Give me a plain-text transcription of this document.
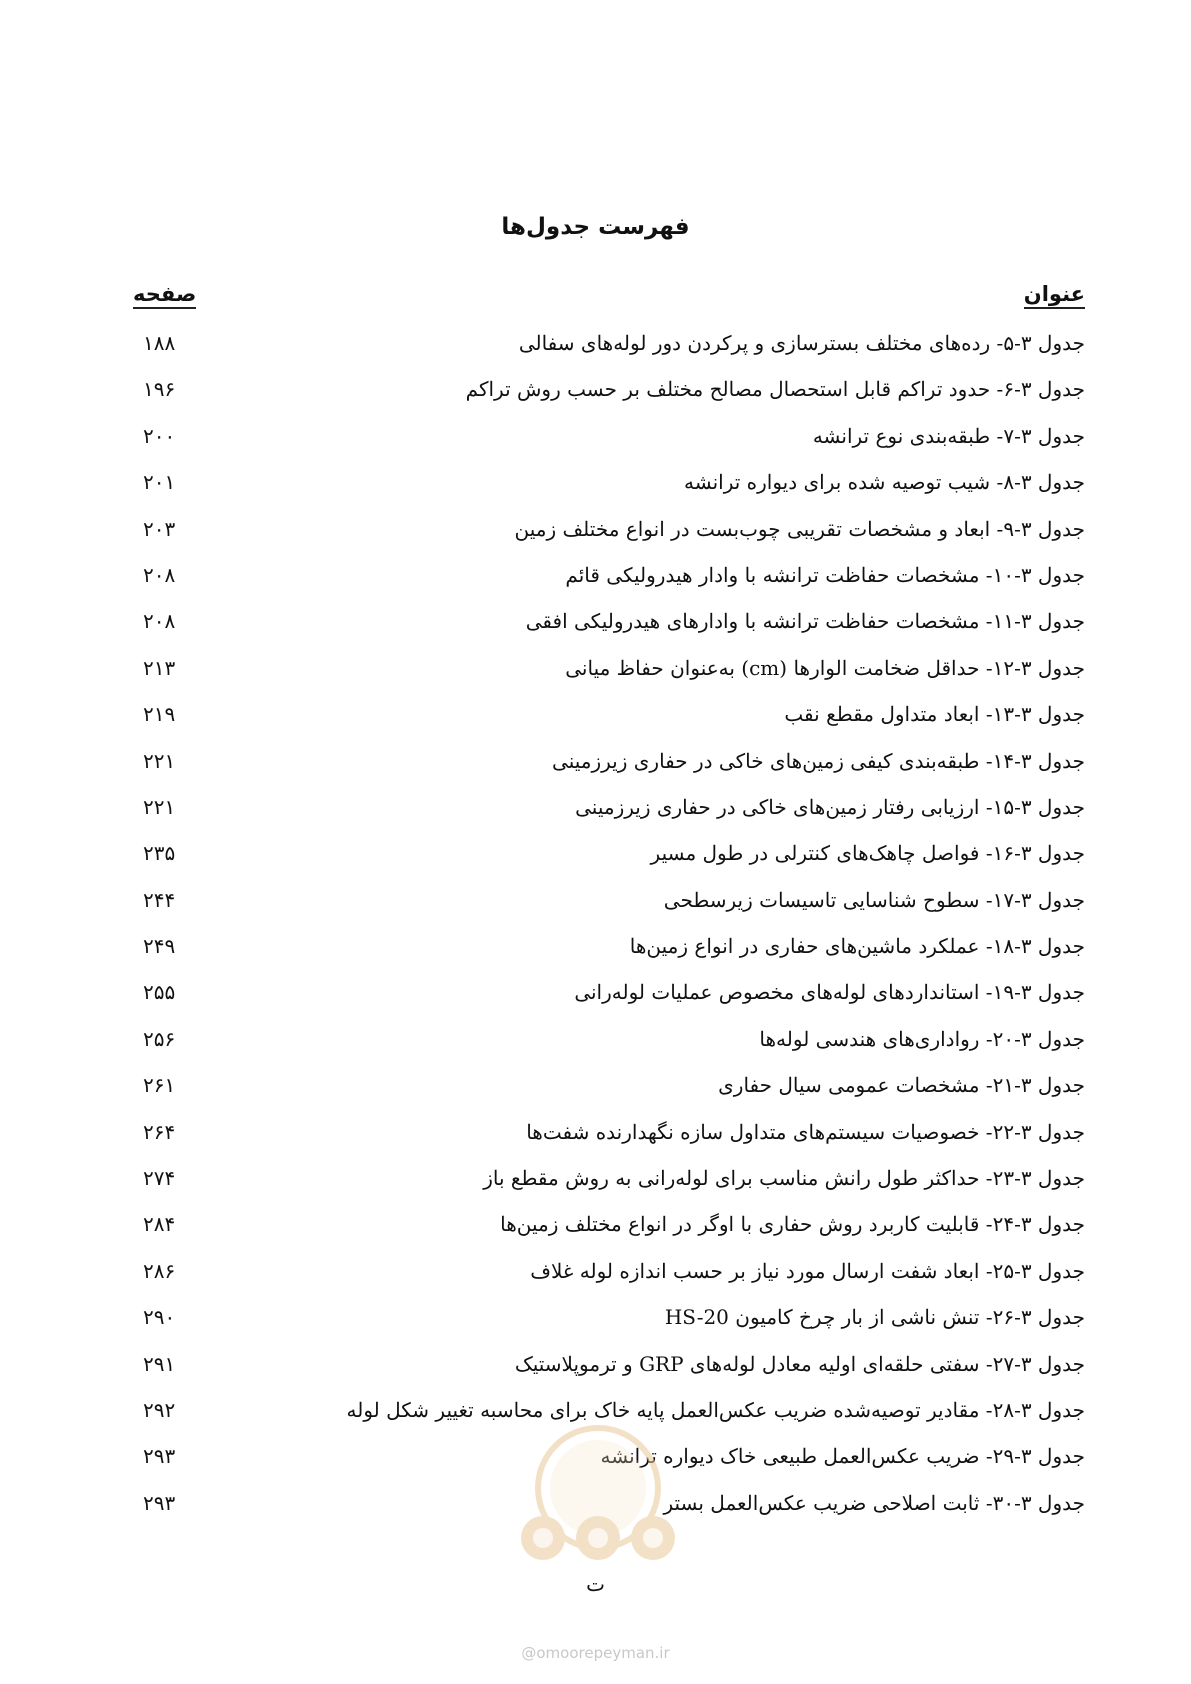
فهرست جدول‌ها
عنوان
صفحه
جدول ۳-۵- رده‌های مختلف بسترسازی و پرکردن دور لوله‌های سفالی
۱۸۸
جدول ۳-۶- حدود تراکم قابل استحصال مصالح مختلف بر حسب روش تراکم
۱۹۶
جدول ۳-۷- طبقه‌بندی نوع ترانشه
۲۰۰
جدول ۳-۸- شیب توصیه شده برای دیواره ترانشه
۲۰۱
جدول ۳-۹- ابعاد و مشخصات تقریبی چوب‌بست در انواع مختلف زمین
۲۰۳
جدول ۳-۱۰- مشخصات حفاظت ترانشه با وادار هیدرولیکی قائم
۲۰۸
جدول ۳-۱۱- مشخصات حفاظت ترانشه با وادارهای هیدرولیکی افقی
۲۰۸
جدول ۳-۱۲- حداقل ضخامت الوارها (cm) به‌عنوان حفاظ میانی
۲۱۳
جدول ۳-۱۳- ابعاد متداول مقطع نقب
۲۱۹
جدول ۳-۱۴- طبقه‌بندی کیفی زمین‌های خاکی در حفاری زیرزمینی
۲۲۱
جدول ۳-۱۵- ارزیابی رفتار زمین‌های خاکی در حفاری زیرزمینی
۲۲۱
جدول ۳-۱۶- فواصل چاهک‌های کنترلی در طول مسیر
۲۳۵
جدول ۳-۱۷- سطوح شناسایی تاسیسات زیرسطحی
۲۴۴
جدول ۳-۱۸- عملکرد ماشین‌های حفاری در انواع زمین‌ها
۲۴۹
جدول ۳-۱۹- استانداردهای لوله‌های مخصوص عملیات لوله‌رانی
۲۵۵
جدول ۳-۲۰- رواداری‌های هندسی لوله‌ها
۲۵۶
جدول ۳-۲۱- مشخصات عمومی سیال حفاری
۲۶۱
جدول ۳-۲۲- خصوصیات سیستم‌های متداول سازه نگهدارنده شفت‌ها
۲۶۴
جدول ۳-۲۳- حداکثر طول رانش مناسب برای لوله‌رانی به روش مقطع باز
۲۷۴
جدول ۳-۲۴- قابلیت کاربرد روش حفاری با اوگر در انواع مختلف زمین‌ها
۲۸۴
جدول ۳-۲۵- ابعاد شفت ارسال مورد نیاز بر حسب اندازه لوله غلاف
۲۸۶
جدول ۳-۲۶- تنش ناشی از بار چرخ کامیون HS-20
۲۹۰
جدول ۳-۲۷- سفتی حلقه‌ای اولیه معادل لوله‌های GRP و ترموپلاستیک
۲۹۱
جدول ۳-۲۸- مقادیر توصیه‌شده ضریب عکس‌العمل پایه خاک برای محاسبه تغییر شکل لوله
۲۹۲
جدول ۳-۲۹- ضریب عکس‌العمل طبیعی خاک دیواره ترانشه
۲۹۳
جدول ۳-۳۰- ثابت اصلاحی ضریب عکس‌العمل بستر
۲۹۳
ت
@omoorepeyman.ir
